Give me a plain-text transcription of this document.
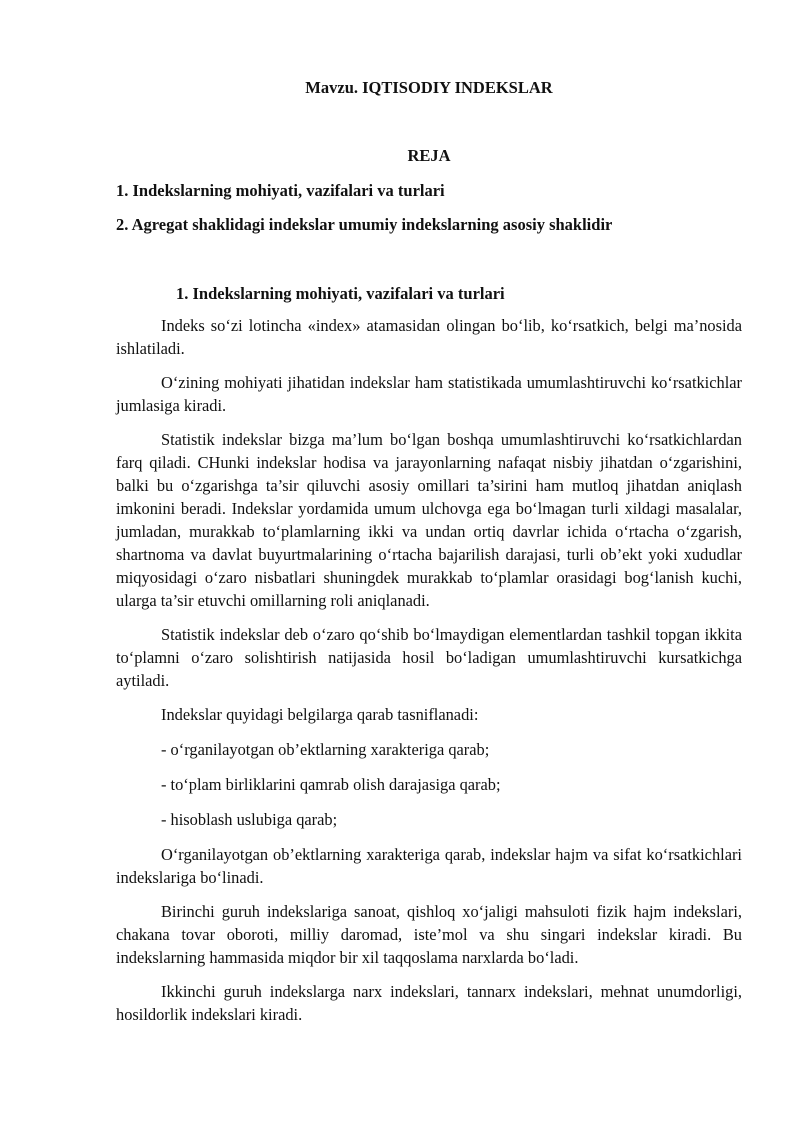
Mavzu. IQTISODIY INDEKSLAR
REJA
1. Indekslarning mohiyati, vazifalari va turlari
2. Agregat shaklidagi indekslar umumiy indekslarning asosiy shaklidir
1. Indekslarning mohiyati, vazifalari va turlari

Indeks so‘zi lotincha «index» atamasidan olingan bo‘lib, ko‘rsatkich, belgi ma’nosida ishlatiladi.

O‘zining mohiyati jihatidan indekslar ham statistikada umumlashtiruvchi ko‘rsatkichlar jumlasiga kiradi.

Statistik indekslar bizga ma’lum bo‘lgan boshqa umumlashtiruvchi ko‘rsatkichlardan farq qiladi. CHunki indekslar hodisa va jarayonlarning nafaqat nisbiy jihatdan o‘zgarishini, balki bu o‘zgarishga ta’sir qiluvchi asosiy omillari ta’sirini ham mutloq jihatdan aniqlash imkonini beradi. Indekslar yordamida umum ulchovga ega bo‘lmagan turli xildagi masalalar, jumladan, murakkab to‘plamlarning ikki va undan ortiq davrlar ichida o‘rtacha o‘zgarish, shartnoma va davlat buyurtmalarining o‘rtacha bajarilish darajasi, turli ob’ekt yoki xududlar miqyosidagi o‘zaro nisbatlari shuningdek murakkab to‘plamlar orasidagi bog‘lanish kuchi, ularga ta’sir etuvchi omillarning roli aniqlanadi.

Statistik indekslar deb o‘zaro qo‘shib bo‘lmaydigan elementlardan tashkil topgan ikkita to‘plamni o‘zaro solishtirish natijasida hosil bo‘ladigan umumlashtiruvchi kursatkichga aytiladi.

Indekslar quyidagi belgilarga qarab tasniflanadi:

- o‘rganilayotgan ob’ektlarning xarakteriga qarab;

- to‘plam birliklarini qamrab olish darajasiga qarab;

- hisoblash uslubiga qarab;

O‘rganilayotgan ob’ektlarning xarakteriga qarab, indekslar hajm va sifat ko‘rsatkichlari indekslariga bo‘linadi.

Birinchi guruh indekslariga sanoat, qishloq xo‘jaligi mahsuloti fizik hajm indekslari, chakana tovar oboroti, milliy daromad, iste’mol va shu singari indekslar kiradi. Bu indekslarning hammasida miqdor bir xil taqqoslama narxlarda bo‘ladi.

Ikkinchi guruh indekslarga narx indekslari, tannarx indekslari, mehnat unumdorligi, hosildorlik indekslari kiradi.
